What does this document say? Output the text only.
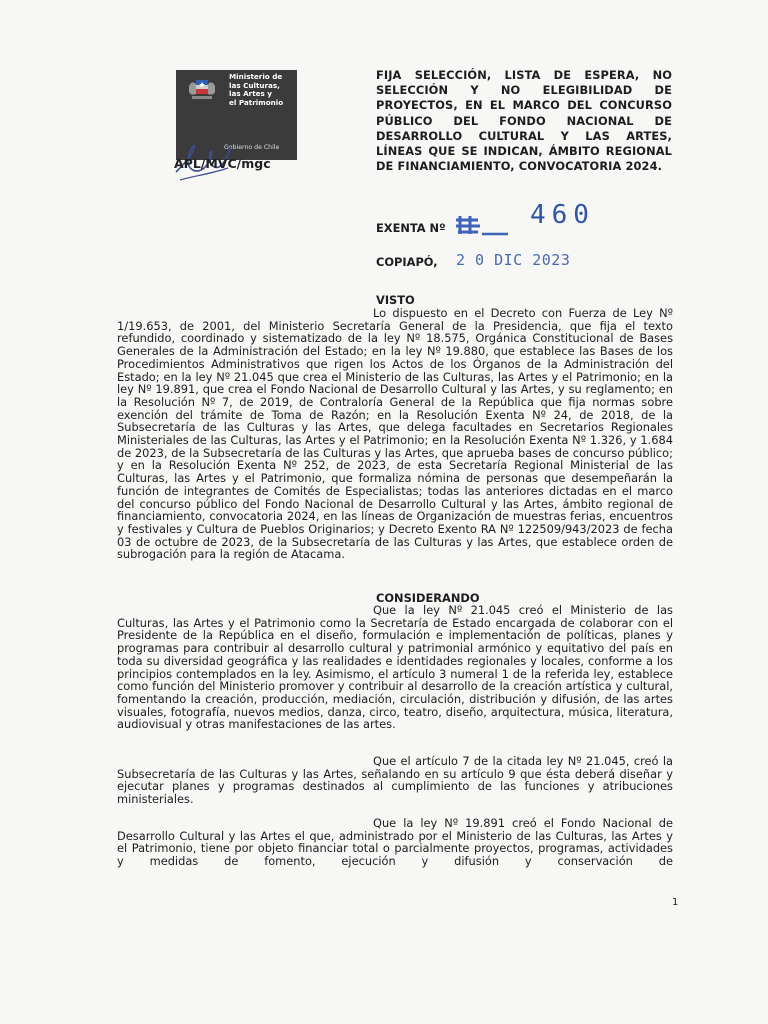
Ministerio de
las Culturas,
las Artes y
el Patrimonio
Gobierno de Chile
APL/MVC/mgc
FIJA SELECCIÓN, LISTA DE ESPERA, NO SELECCIÓN Y NO ELEGIBILIDAD DE PROYECTOS, EN EL MARCO DEL CONCURSO PÚBLICO DEL FONDO NACIONAL DE DESARROLLO CULTURAL Y LAS ARTES, LÍNEAS QUE SE INDICAN, ÁMBITO REGIONAL DE FINANCIAMIENTO, CONVOCATORIA 2024.
EXENTA Nº	460
COPIAPÓ, 2 0 DIC 2023
VISTO
Lo dispuesto en el Decreto con Fuerza de Ley Nº 1/19.653, de 2001, del Ministerio Secretaría General de la Presidencia, que fija el texto refundido, coordinado y sistematizado de la ley Nº 18.575, Orgánica Constitucional de Bases Generales de la Administración del Estado; en la ley Nº 19.880, que establece las Bases de los Procedimientos Administrativos que rigen los Actos de los Órganos de la Administración del Estado; en la ley Nº 21.045 que crea el Ministerio de las Culturas, las Artes y el Patrimonio; en la ley Nº 19.891, que crea el Fondo Nacional de Desarrollo Cultural y las Artes, y su reglamento; en la Resolución Nº 7, de 2019, de Contraloría General de la República que fija normas sobre exención del trámite de Toma de Razón; en la Resolución Exenta Nº 24, de 2018, de la Subsecretaría de las Culturas y las Artes, que delega facultades en Secretarios Regionales Ministeriales de las Culturas, las Artes y el Patrimonio; en la Resolución Exenta Nº 1.326, y 1.684 de 2023, de la Subsecretaría de las Culturas y las Artes, que aprueba bases de concurso público; y en la Resolución Exenta Nº 252, de 2023, de esta Secretaría Regional Ministerial de las Culturas, las Artes y el Patrimonio, que formaliza nómina de personas que desempeñarán la función de integrantes de Comités de Especialistas; todas las anteriores dictadas en el marco del concurso público del Fondo Nacional de Desarrollo Cultural y las Artes, ámbito regional de financiamiento, convocatoria 2024, en las líneas de Organización de muestras ferias, encuentros y festivales y Cultura de Pueblos Originarios; y Decreto Exento RA Nº 122509/943/2023 de fecha 03 de octubre de 2023, de la Subsecretaría de las Culturas y las Artes, que establece orden de subrogación para la región de Atacama.
CONSIDERANDO
Que la ley Nº 21.045 creó el Ministerio de las Culturas, las Artes y el Patrimonio como la Secretaría de Estado encargada de colaborar con el Presidente de la República en el diseño, formulación e implementación de políticas, planes y programas para contribuir al desarrollo cultural y patrimonial armónico y equitativo del país en toda su diversidad geográfica y las realidades e identidades regionales y locales, conforme a los principios contemplados en la ley. Asimismo, el artículo 3 numeral 1 de la referida ley, establece como función del Ministerio promover y contribuir al desarrollo de la creación artística y cultural, fomentando la creación, producción, mediación, circulación, distribución y difusión, de las artes visuales, fotografía, nuevos medios, danza, circo, teatro, diseño, arquitectura, música, literatura, audiovisual y otras manifestaciones de las artes.
Que el artículo 7 de la citada ley Nº 21.045, creó la Subsecretaría de las Culturas y las Artes, señalando en su artículo 9 que ésta deberá diseñar y ejecutar planes y programas destinados al cumplimiento de las funciones y atribuciones ministeriales.
Que la ley Nº 19.891 creó el Fondo Nacional de Desarrollo Cultural y las Artes el que, administrado por el Ministerio de las Culturas, las Artes y el Patrimonio, tiene por objeto financiar total o parcialmente proyectos, programas, actividades y medidas de fomento, ejecución y difusión y conservación de
1
